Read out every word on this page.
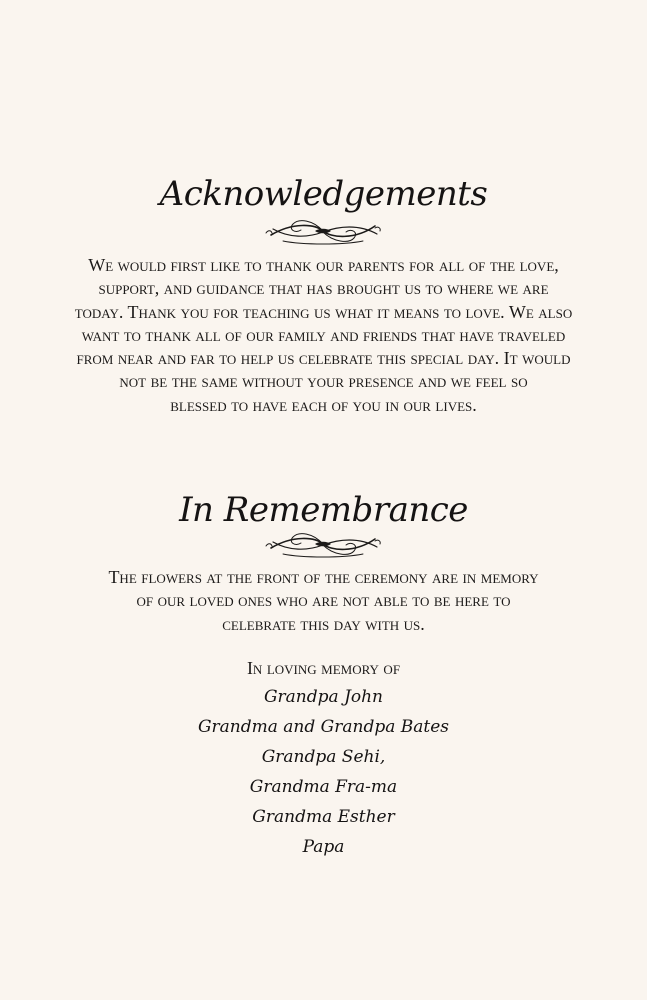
Acknowledgements
We would first like to thank our parents for all of the love,
support, and guidance that has brought us to where we are
today. Thank you for teaching us what it means to love. We also
want to thank all of our family and friends that have traveled
from near and far to help us celebrate this special day. It would
not be the same without your presence and we feel so
blessed to have each of you in our lives.
In Remembrance
The flowers at the front of the ceremony are in memory
of our loved ones who are not able to be here to
celebrate this day with us.
In loving memory of
Grandpa John
Grandma and Grandpa Bates
Grandpa Sehi,
Grandma Fra-ma
Grandma Esther
Papa
